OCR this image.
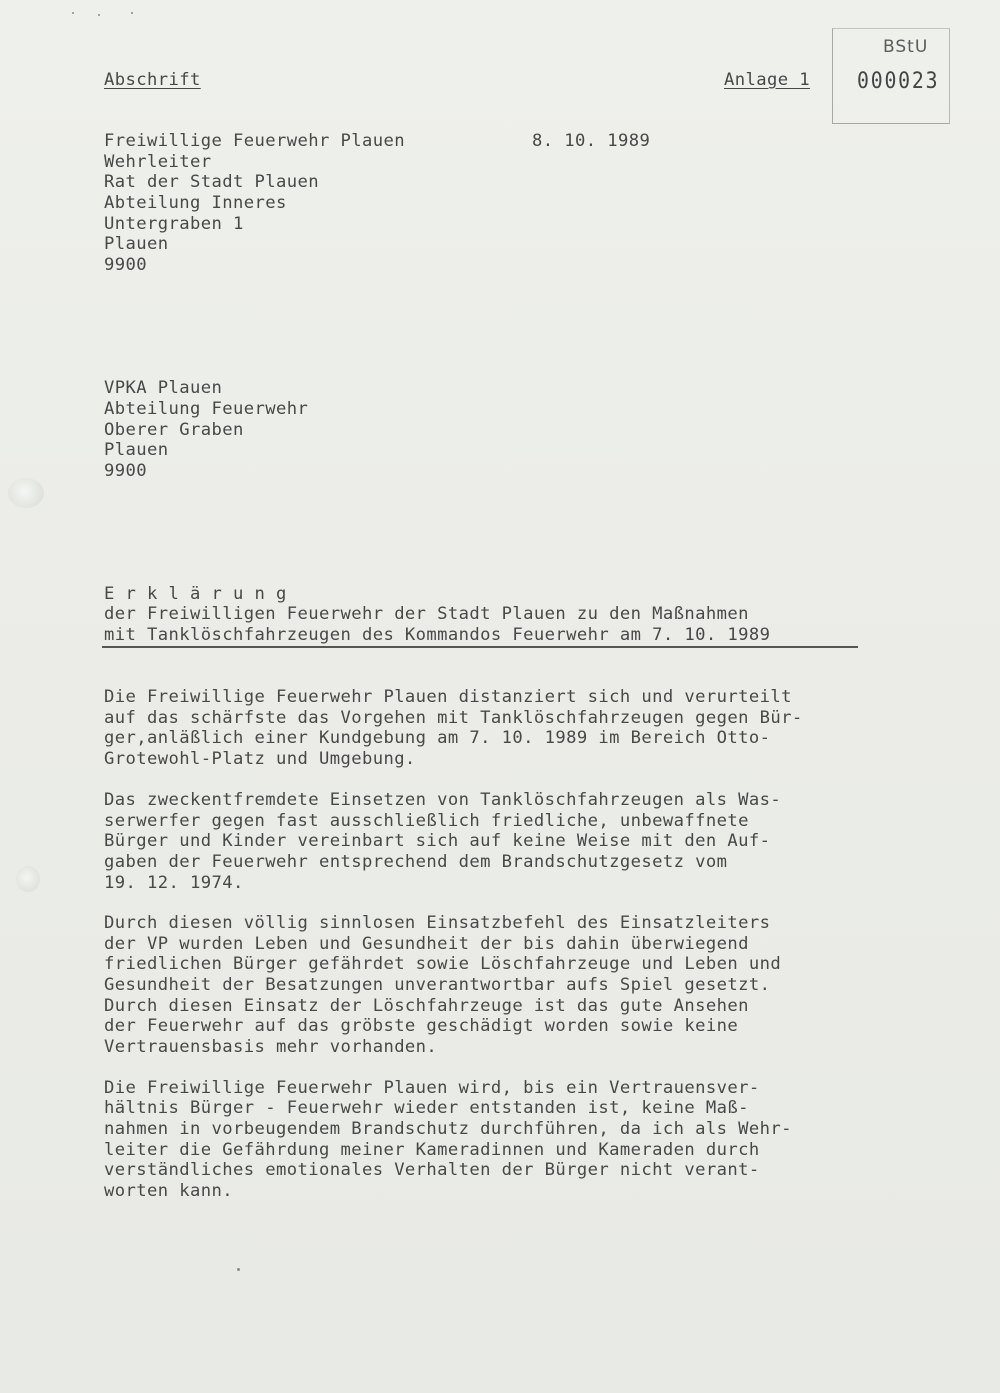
Abschrift	Anlage 1
BStU
000023
Freiwillige Feuerwehr Plauen
Wehrleiter
Rat der Stadt Plauen
Abteilung Inneres
Untergraben 1
Plauen
9900
8. 10. 1989
VPKA Plauen
Abteilung Feuerwehr
Oberer Graben
Plauen
9900
E r k l ä r u n g
der Freiwilligen Feuerwehr der Stadt Plauen zu den Maßnahmen
mit Tanklöschfahrzeugen des Kommandos Feuerwehr am 7. 10. 1989
Die Freiwillige Feuerwehr Plauen distanziert sich und verurteilt
auf das schärfste das Vorgehen mit Tanklöschfahrzeugen gegen Bür-
ger,anläßlich einer Kundgebung am 7. 10. 1989 im Bereich Otto-
Grotewohl-Platz und Umgebung.
Das zweckentfremdete Einsetzen von Tanklöschfahrzeugen als Was-
serwerfer gegen fast ausschließlich friedliche, unbewaffnete
Bürger und Kinder vereinbart sich auf keine Weise mit den Auf-
gaben der Feuerwehr entsprechend dem Brandschutzgesetz vom
19. 12. 1974.
Durch diesen völlig sinnlosen Einsatzbefehl des Einsatzleiters
der VP wurden Leben und Gesundheit der bis dahin überwiegend
friedlichen Bürger gefährdet sowie Löschfahrzeuge und Leben und
Gesundheit der Besatzungen unverantwortbar aufs Spiel gesetzt.
Durch diesen Einsatz der Löschfahrzeuge ist das gute Ansehen
der Feuerwehr auf das gröbste geschädigt worden sowie keine
Vertrauensbasis mehr vorhanden.
Die Freiwillige Feuerwehr Plauen wird, bis ein Vertrauensver-
hältnis Bürger - Feuerwehr wieder entstanden ist, keine Maß-
nahmen in vorbeugendem Brandschutz durchführen, da ich als Wehr-
leiter die Gefährdung meiner Kameradinnen und Kameraden durch
verständliches emotionales Verhalten der Bürger nicht verant-
worten kann.
